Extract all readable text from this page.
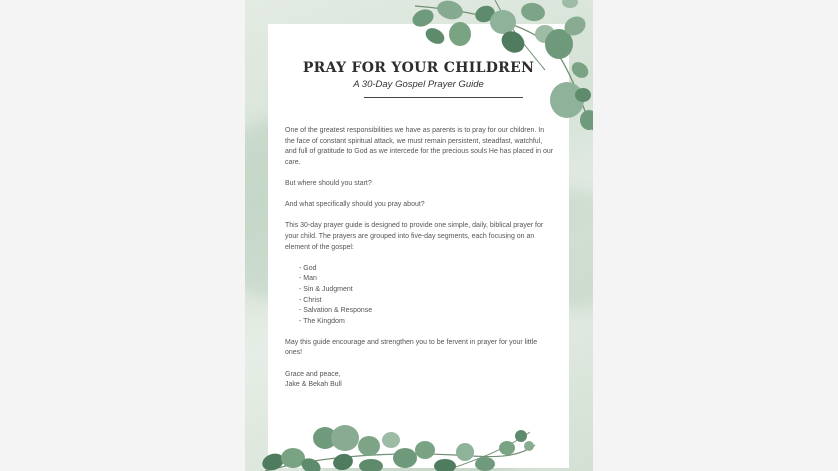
PRAY FOR YOUR CHILDREN
A 30-Day Gospel Prayer Guide

One of the greatest responsibilities we have as parents is to pray for our children. In the face of constant spiritual attack, we must remain persistent, steadfast, watchful, and full of gratitude to God as we intercede for the precious souls He has placed in our care.

But where should you start?

And what specifically should you pray about?

This 30-day prayer guide is designed to provide one simple, daily, biblical prayer for your child. The prayers are grouped into five-day segments, each focusing on an element of the gospel:

- God
- Man
- Sin & Judgment
- Christ
- Salvation & Response
- The Kingdom

May this guide encourage and strengthen you to be fervent in prayer for your little ones!

Grace and peace,
Jake & Bekah Bull
